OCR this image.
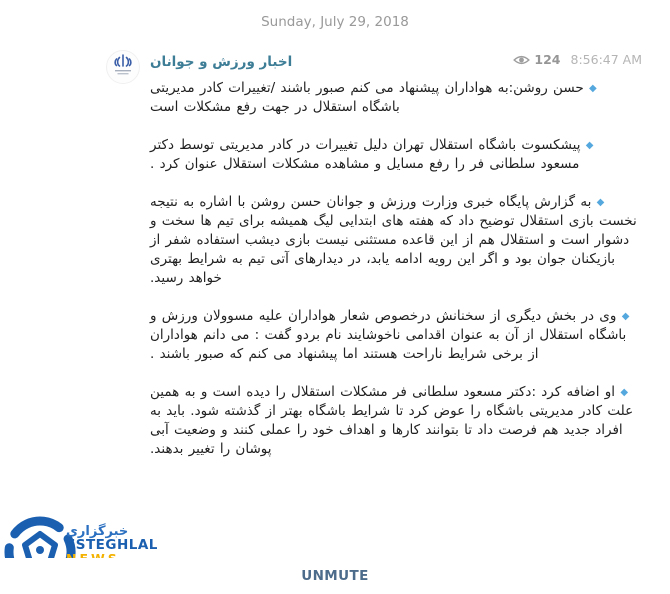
Sunday, July 29, 2018
اخبار ورزش و جوانان	124 8:56:47 AM
◆ حسن روشن:به هواداران پیشنهاد می کنم صبور باشند /تغییرات کادر مدیریتی باشگاه استقلال در جهت رفع مشکلات است
◆ پیشکسوت باشگاه استقلال تهران دلیل تغییرات در کادر مدیریتی توسط دکتر مسعود سلطانی فر را رفع مسایل و مشاهده مشکلات استقلال عنوان کرد .
◆ به گزارش پایگاه خبری وزارت ورزش و جوانان حسن روشن با اشاره به نتیجه نخست بازی استقلال توضیح داد که هفته های ابتدایی لیگ همیشه برای تیم ها سخت و دشوار است و استقلال هم از این قاعده مستثنی نیست بازی دیشب استفاده شفر از بازیکنان جوان بود و اگر این رویه ادامه یابد، در دیدارهای آتی تیم به شرایط بهتری خواهد رسید.
◆ وی در بخش دیگری از سخنانش درخصوص شعار هواداران علیه مسوولان ورزش و باشگاه استقلال از آن به عنوان اقدامی ناخوشایند نام بردو گفت : می دانم هواداران از برخی شرایط ناراحت هستند اما پیشنهاد می کنم که صبور باشند .
◆ او اضافه کرد :دکتر مسعود سلطانی فر مشکلات استقلال را دیده است و به همین علت کادر مدیریتی باشگاه را عوض کرد تا شرایط باشگاه بهتر از گذشته شود. باید به افراد جدید هم فرصت داد تا بتوانند کارها و اهداف خود را عملی کنند و وضعیت آبی پوشان را تغییر بدهند.
خبرگزاری
ESTEGHLAL
UNMUTE
